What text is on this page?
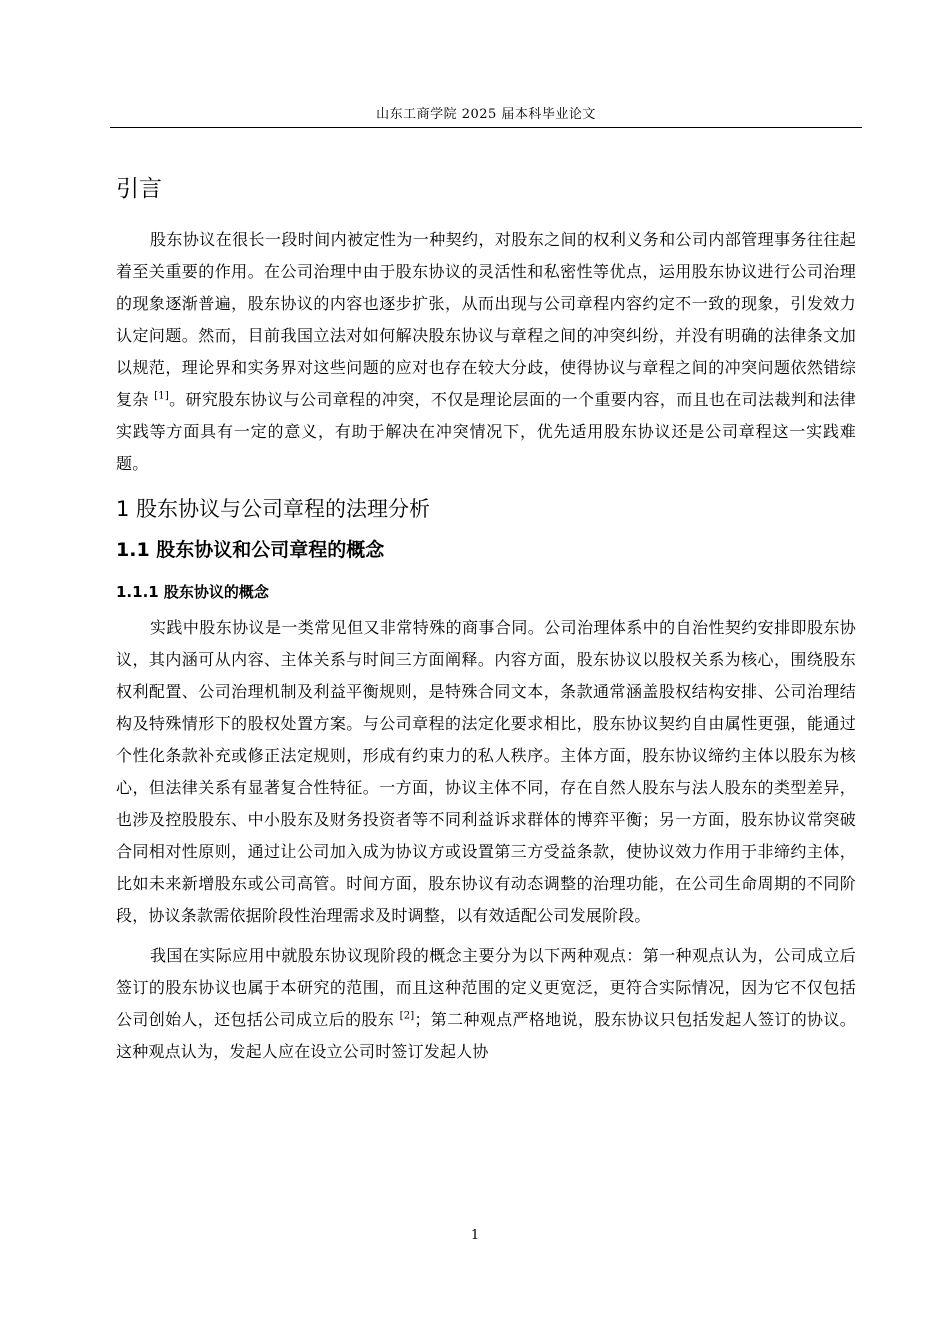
山东工商学院 2025 届本科毕业论文
引言

股东协议在很长一段时间内被定性为一种契约，对股东之间的权利义务和公司内部管理事务往往起着至关重要的作用。在公司治理中由于股东协议的灵活性和私密性等优点，运用股东协议进行公司治理的现象逐渐普遍，股东协议的内容也逐步扩张，从而出现与公司章程内容约定不一致的现象，引发效力认定问题。然而，目前我国立法对如何解决股东协议与章程之间的冲突纠纷，并没有明确的法律条文加以规范，理论界和实务界对这些问题的应对也存在较大分歧，使得协议与章程之间的冲突问题依然错综复杂 [1]。研究股东协议与公司章程的冲突，不仅是理论层面的一个重要内容，而且也在司法裁判和法律实践等方面具有一定的意义，有助于解决在冲突情况下，优先适用股东协议还是公司章程这一实践难题。

1 股东协议与公司章程的法理分析
1.1 股东协议和公司章程的概念
1.1.1 股东协议的概念

实践中股东协议是一类常见但又非常特殊的商事合同。公司治理体系中的自治性契约安排即股东协议，其内涵可从内容、主体关系与时间三方面阐释。内容方面，股东协议以股权关系为核心，围绕股东权利配置、公司治理机制及利益平衡规则，是特殊合同文本，条款通常涵盖股权结构安排、公司治理结构及特殊情形下的股权处置方案。与公司章程的法定化要求相比，股东协议契约自由属性更强，能通过个性化条款补充或修正法定规则，形成有约束力的私人秩序。主体方面，股东协议缔约主体以股东为核心，但法律关系有显著复合性特征。一方面，协议主体不同，存在自然人股东与法人股东的类型差异，也涉及控股股东、中小股东及财务投资者等不同利益诉求群体的博弈平衡；另一方面，股东协议常突破合同相对性原则，通过让公司加入成为协议方或设置第三方受益条款，使协议效力作用于非缔约主体，比如未来新增股东或公司高管。时间方面，股东协议有动态调整的治理功能，在公司生命周期的不同阶段，协议条款需依据阶段性治理需求及时调整，以有效适配公司发展阶段。

我国在实际应用中就股东协议现阶段的概念主要分为以下两种观点：第一种观点认为，公司成立后签订的股东协议也属于本研究的范围，而且这种范围的定义更宽泛，更符合实际情况，因为它不仅包括公司创始人，还包括公司成立后的股东 [2]；第二种观点严格地说，股东协议只包括发起人签订的协议。这种观点认为，发起人应在设立公司时签订发起人协

1
